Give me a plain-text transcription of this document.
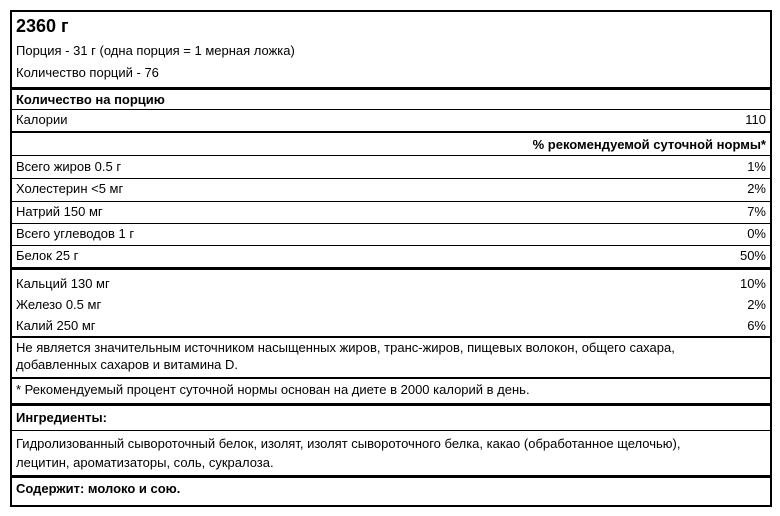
2360 г
Порция - 31 г (одна порция = 1 мерная ложка)
Количество порций - 76
Количество на порцию
Калории	110
% рекомендуемой суточной нормы*
Всего жиров 0.5 г	1%
Холестерин <5 мг	2%
Натрий 150 мг	7%
Всего углеводов 1 г	0%
Белок 25 г	50%
Кальций 130 мг	10%
Железо 0.5 мг	2%
Калий 250 мг	6%
Не является значительным источником насыщенных жиров, транс-жиров, пищевых волокон, общего сахара, добавленных сахаров и витамина D.
* Рекомендуемый процент суточной нормы основан на диете в 2000 калорий в день.
Ингредиенты:
Гидролизованный сывороточный белок, изолят, изолят сывороточного белка, какао (обработанное щелочью), лецитин, ароматизаторы, соль, сукралоза.
Содержит: молоко и сою.
